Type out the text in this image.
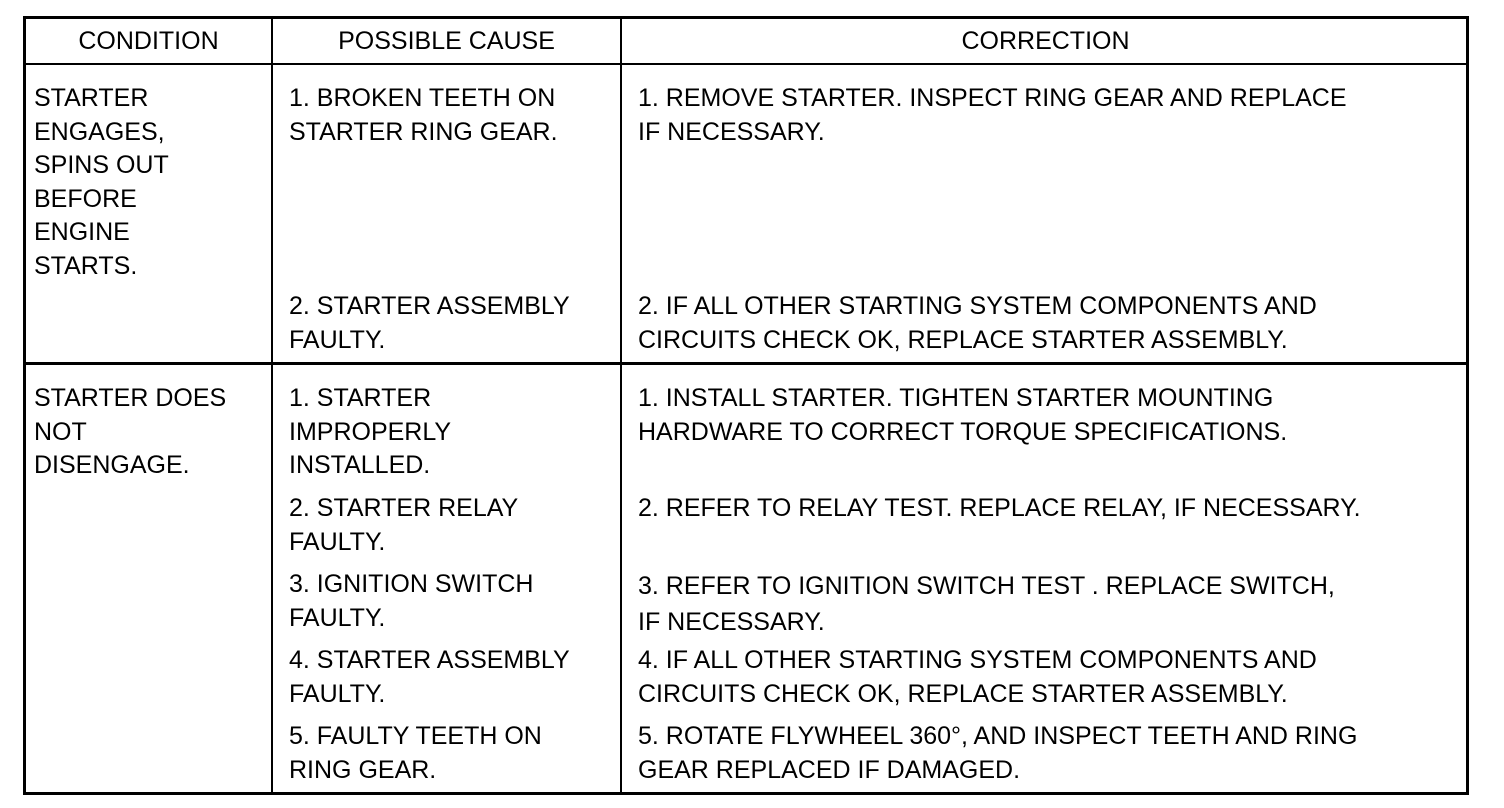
CONDITION	POSSIBLE CAUSE	CORRECTION
STARTER
ENGAGES,
SPINS OUT
BEFORE
ENGINE
STARTS.
1. BROKEN TEETH ON
STARTER RING GEAR.
1. REMOVE STARTER. INSPECT RING GEAR AND REPLACE
IF NECESSARY.
2. STARTER ASSEMBLY
FAULTY.
2. IF ALL OTHER STARTING SYSTEM COMPONENTS AND
CIRCUITS CHECK OK, REPLACE STARTER ASSEMBLY.
STARTER DOES
NOT
DISENGAGE.
1. STARTER
IMPROPERLY
INSTALLED.
1. INSTALL STARTER. TIGHTEN STARTER MOUNTING
HARDWARE TO CORRECT TORQUE SPECIFICATIONS.
2. STARTER RELAY
FAULTY.
2. REFER TO RELAY TEST. REPLACE RELAY, IF NECESSARY.
3. IGNITION SWITCH
FAULTY.
3. REFER TO IGNITION SWITCH TEST . REPLACE SWITCH,
IF NECESSARY.
4. STARTER ASSEMBLY
FAULTY.
4. IF ALL OTHER STARTING SYSTEM COMPONENTS AND
CIRCUITS CHECK OK, REPLACE STARTER ASSEMBLY.
5. FAULTY TEETH ON
RING GEAR.
5. ROTATE FLYWHEEL 360°, AND INSPECT TEETH AND RING
GEAR REPLACED IF DAMAGED.
